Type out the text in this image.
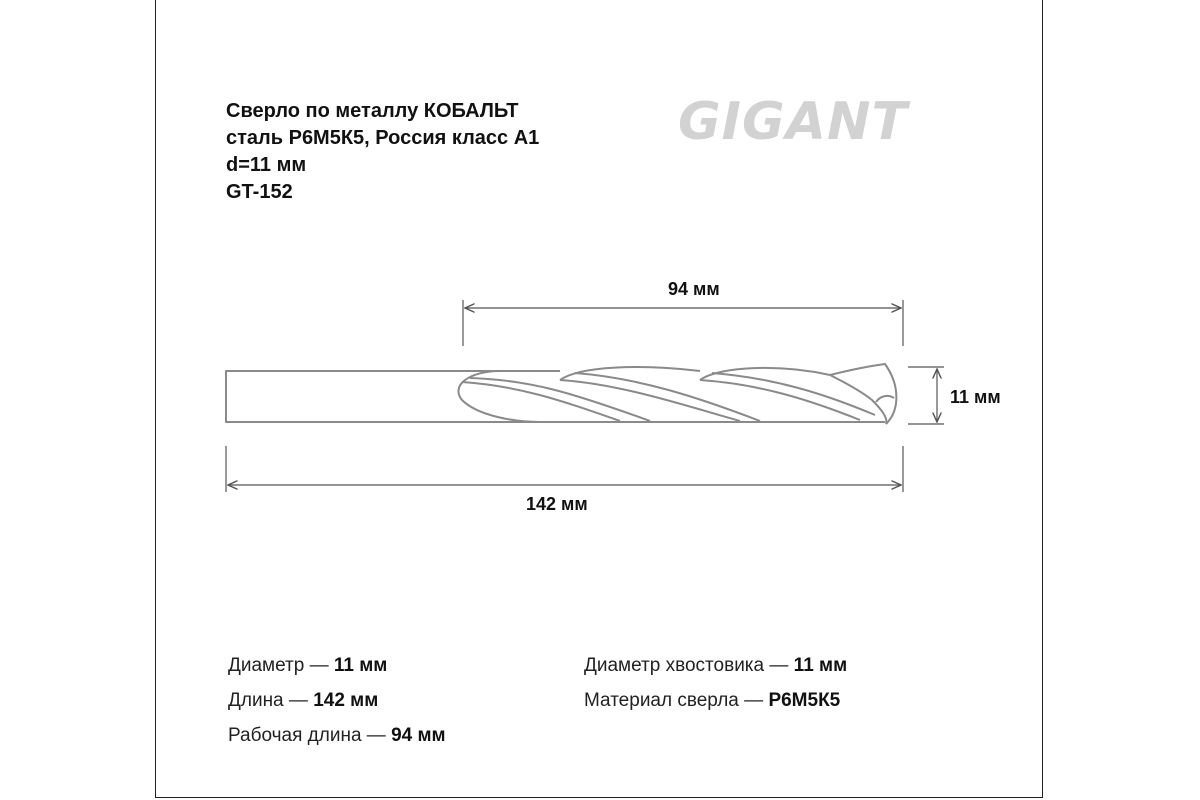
Сверло по металлу КОБАЛЬТ
сталь Р6М5К5, Россия класс А1
d=11 мм
GT-152
GIGANT
94 мм
11 мм
142 мм
Диаметр — 11 мм
Длина — 142 мм
Рабочая длина — 94 мм
Диаметр хвостовика — 11 мм
Материал сверла — Р6М5К5
